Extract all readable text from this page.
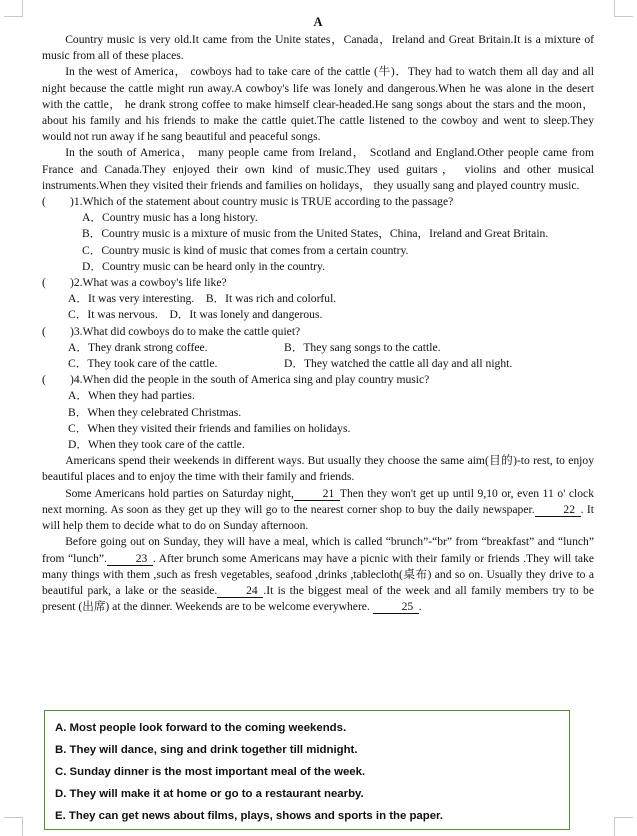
A

Country music is very old.It came from the Unite states，Canada，Ireland and Great Britain.It is a mixture of music from all of these places.

In the west of America， cowboys had to take care of the cattle (牛)．They had to watch them all day and all night because the cattle might run away.A cowboy's life was lonely and dangerous.When he was alone in the desert with the cattle， he drank strong coffee to make himself clear-headed.He sang songs about the stars and the moon， about his family and his friends to make the cattle quiet.The cattle listened to the cowboy and went to sleep.They would not run away if he sang beautiful and peaceful songs.

In the south of America， many people came from Ireland， Scotland and England.Other people came from France and Canada.They enjoyed their own kind of music.They used guitars， violins and other musical instruments.When they visited their friends and families on holidays， they usually sang and played country music.

( )1.Which of the statement about country music is TRUE according to the passage?

A．Country music has a long history.

B．Country music is a mixture of music from the United States，China，Ireland and Great Britain.

C．Country music is kind of music that comes from a certain country.

D．Country music can be heard only in the country.

( )2.What was a cowboy's life like?

A．It was very interesting. B．It was rich and colorful.

C．It was nervous. D．It was lonely and dangerous.

( )3.What did cowboys do to make the cattle quiet?

A．They drank strong coffee.	B．They sang songs to the cattle.

C．They took care of the cattle.	D．They watched the cattle all day and all night.

( )4.When did the people in the south of America sing and play country music?

A．When they had parties.

B．When they celebrated Christmas.

C．When they visited their friends and families on holidays.

D．When they took care of the cattle.

Americans spend their weekends in different ways. But usually they choose the same aim(目的)-to rest, to enjoy beautiful places and to enjoy the time with their family and friends.

Some Americans hold parties on Saturday night, 21 Then they won't get up until 9,10 or, even 11 o' clock next morning. As soon as they get up they will go to the nearest corner shop to buy the daily newspaper. 22 . It will help them to decide what to do on Sunday afternoon.

Before going out on Sunday, they will have a meal, which is called “brunch”-“br” from “breakfast” and “lunch” from “lunch”. 23 . After brunch some Americans may have a picnic with their family or friends .They will take many things with them ,such as fresh vegetables, seafood ,drinks ,tablecloth(桌布) and so on. Usually they drive to a beautiful park, a lake or the seaside. 24 .It is the biggest meal of the week and all family members try to be present (出席) at the dinner. Weekends are to be welcome everywhere.	25 .

A. Most people look forward to the coming weekends.
B. They will dance, sing and drink together till midnight.
C. Sunday dinner is the most important meal of the week.
D. They will make it at home or go to a restaurant nearby.
E. They can get news about films, plays, shows and sports in the paper.
